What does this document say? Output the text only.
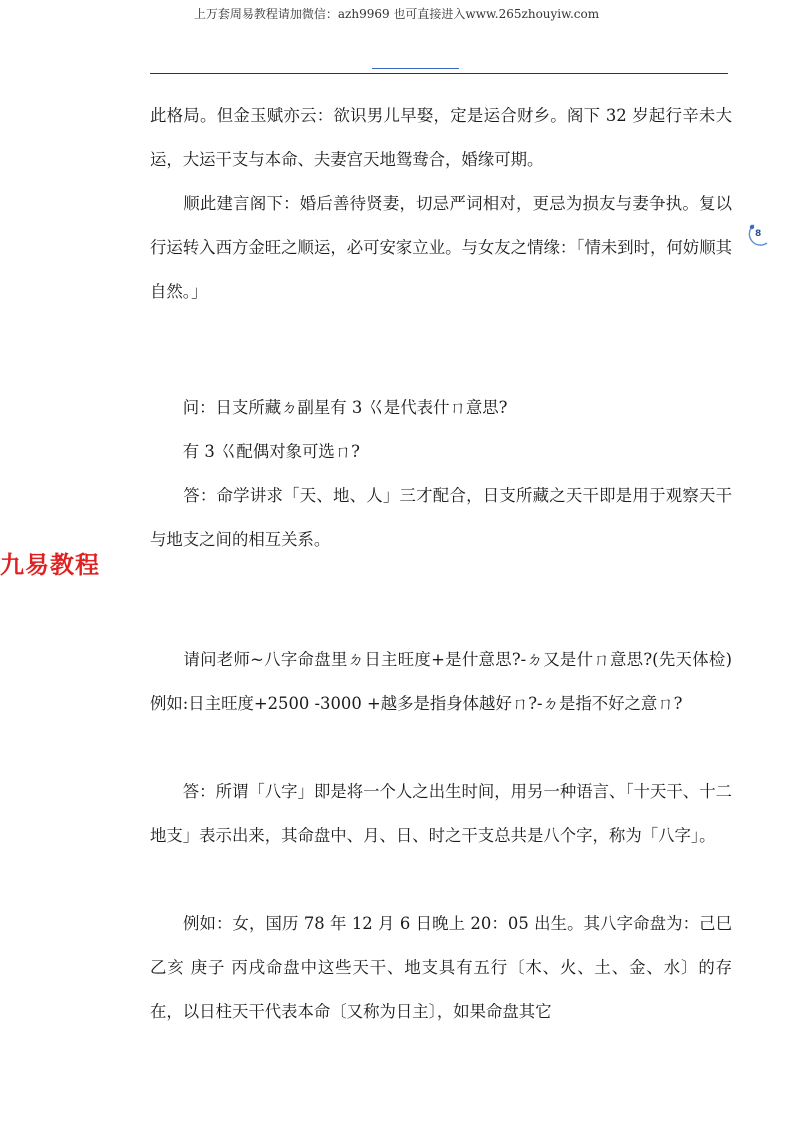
上万套周易教程请加微信：azh9969 也可直接进入www.265zhouyiw.com
8
九易教程

此格局。但金玉赋亦云：欲识男儿早娶，定是运合财乡。阁下 32 岁起行辛未大运，大运干支与本命、夫妻宫天地鸳鸯合，婚缘可期。

　　顺此建言阁下：婚后善待贤妻，切忌严词相对，更忌为损友与妻争执。复以行运转入西方金旺之顺运，必可安家立业。与女友之情缘：「情未到时，何妨顺其自然。」

　　问：日支所藏ㄉ副星有 3 巜是代表什ㄇ意思?

　　有 3 巜配偶对象可选ㄇ?

　　答：命学讲求「天、地、人」三才配合，日支所藏之天干即是用于观察天干与地支之间的相互关系。

　　请问老师~八字命盘里ㄉ日主旺度+是什意思?-ㄉ又是什ㄇ意思?(先天体检)例如:日主旺度+2500 -3000 +越多是指身体越好ㄇ?-ㄉ是指不好之意ㄇ?

　　答：所谓「八字」即是将一个人之出生时间，用另一种语言、「十天干、十二地支」表示出来，其命盘中、月、日、时之干支总共是八个字，称为「八字」。

　　例如：女，国历 78 年 12 月 6 日晚上 20：05 出生。其八字命盘为：己巳 乙亥 庚子 丙戌命盘中这些天干、地支具有五行〔木、火、土、金、水〕的存在，以日柱天干代表本命〔又称为日主〕，如果命盘其它
